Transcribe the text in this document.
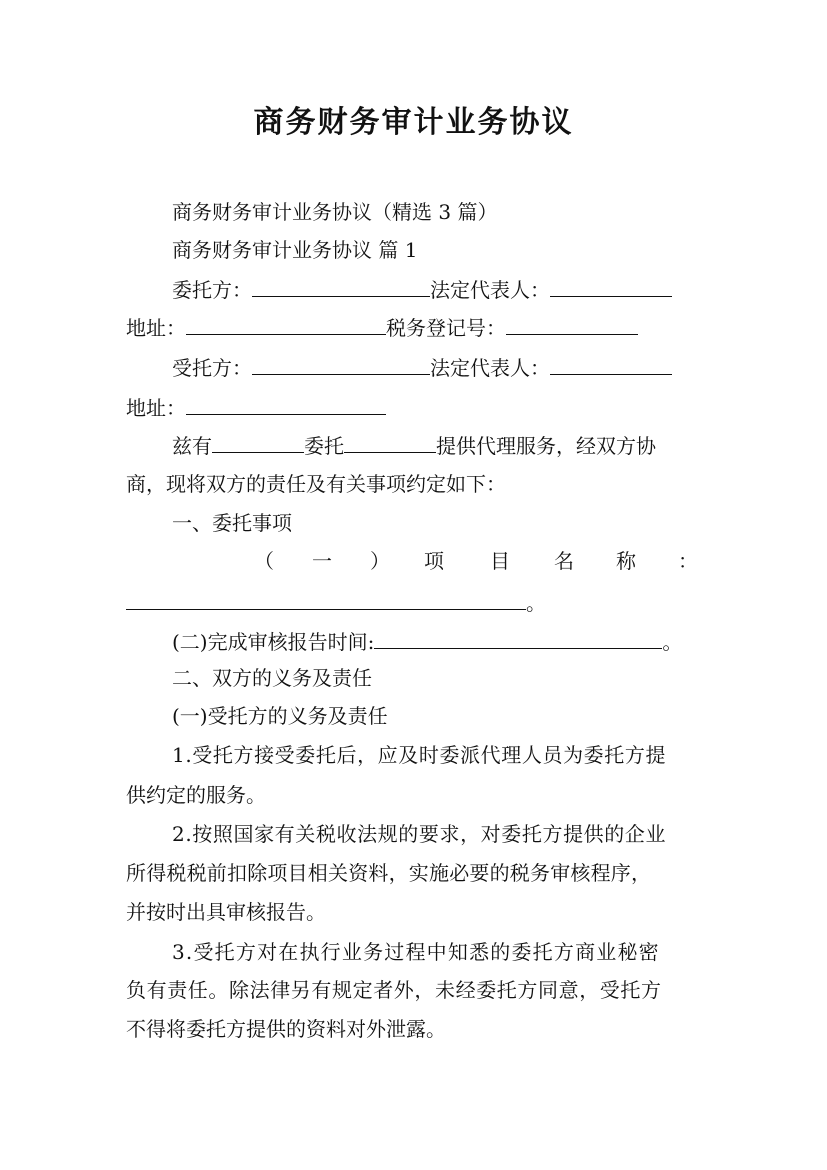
商务财务审计业务协议
商务财务审计业务协议（精选 3 篇）
商务财务审计业务协议 篇 1
委托方：	法定代表人：
地址：	税务登记号：
受托方：	法定代表人：
地址：
兹有	委托	提供代理服务，经双方协
商，现将双方的责任及有关事项约定如下：
一、委托事项
（ 一 ） 项 目 名 称 ：
。
(二)完成审核报告时间:	。
二、双方的义务及责任
(一)受托方的义务及责任
1.受托方接受委托后，应及时委派代理人员为委托方提
供约定的服务。
2.按照国家有关税收法规的要求，对委托方提供的企业
所得税税前扣除项目相关资料，实施必要的税务审核程序，
并按时出具审核报告。
3.受托方对在执行业务过程中知悉的委托方商业秘密
负有责任。除法律另有规定者外，未经委托方同意，受托方
不得将委托方提供的资料对外泄露。
